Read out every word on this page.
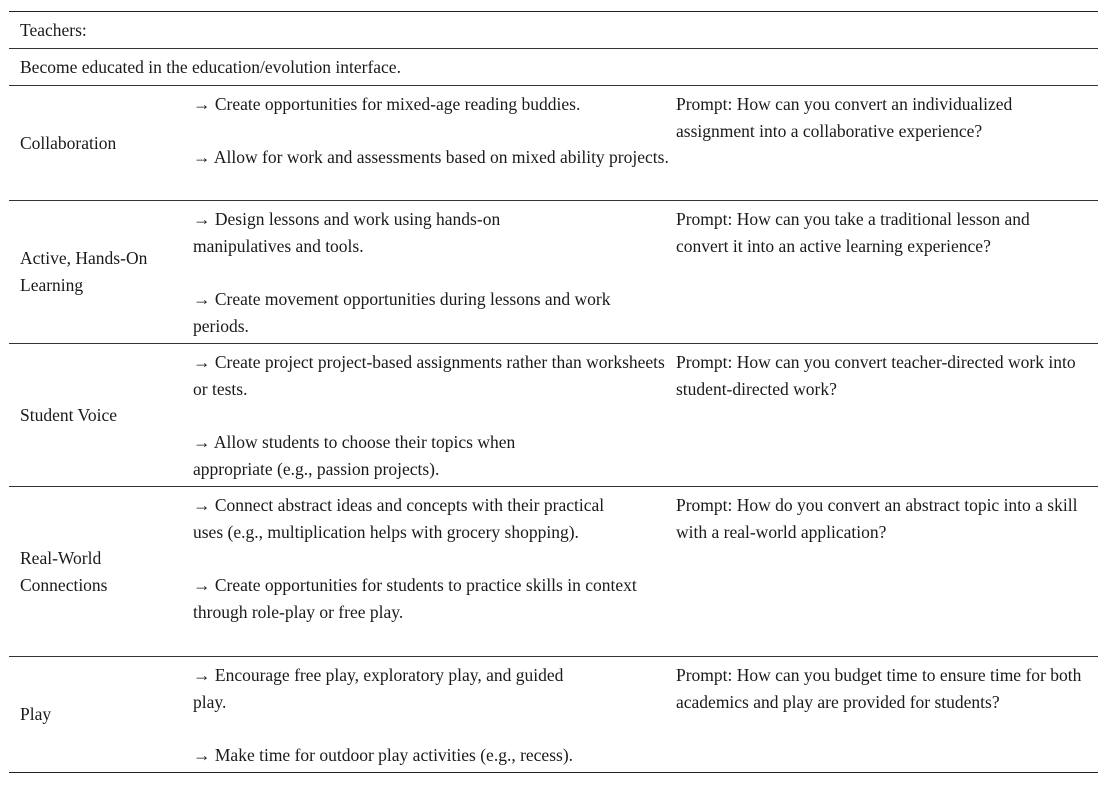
Teachers:
Become educated in the education/evolution interface.
Collaboration
→ Create opportunities for mixed-age reading buddies.
→ Allow for work and assessments based on mixed ability projects.
Prompt: How can you convert an individualized assignment into a collaborative experience?
Active, Hands-On Learning
→ Design lessons and work using hands-on manipulatives and tools.
→ Create movement opportunities during lessons and work periods.
Prompt: How can you take a traditional lesson and convert it into an active learning experience?
Student Voice
→ Create project project-based assignments rather than worksheets or tests.
→ Allow students to choose their topics when appropriate (e.g., passion projects).
Prompt: How can you convert teacher-directed work into student-directed work?
Real-World Connections
→ Connect abstract ideas and concepts with their practical uses (e.g., multiplication helps with grocery shopping).
→ Create opportunities for students to practice skills in context through role-play or free play.
Prompt: How do you convert an abstract topic into a skill with a real-world application?
Play
→ Encourage free play, exploratory play, and guided play.
→ Make time for outdoor play activities (e.g., recess).
Prompt: How can you budget time to ensure time for both academics and play are provided for students?
